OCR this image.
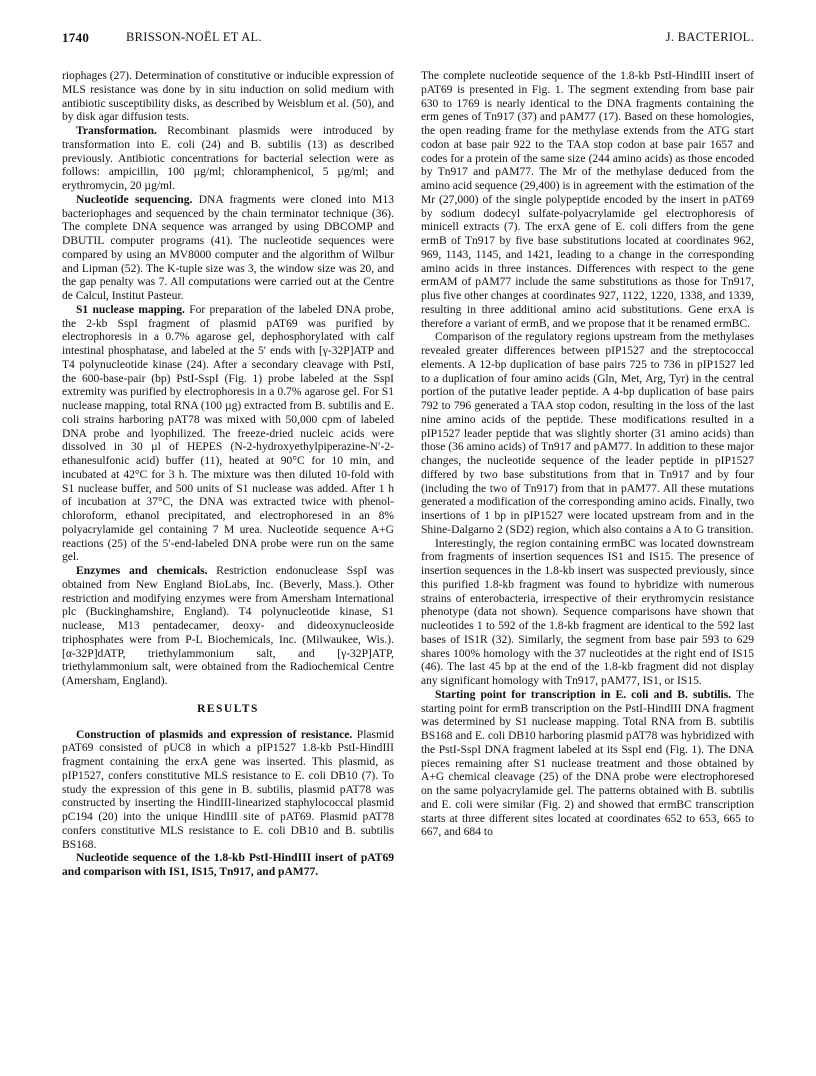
1740	BRISSON-NOËL ET AL.	J. BACTERIOL.

riophages (27). Determination of constitutive or inducible expression of MLS resistance was done by in situ induction on solid medium with antibiotic susceptibility disks, as described by Weisblum et al. (50), and by disk agar diffusion tests.

Transformation. Recombinant plasmids were introduced by transformation into E. coli (24) and B. subtilis (13) as described previously. Antibiotic concentrations for bacterial selection were as follows: ampicillin, 100 µg/ml; chloramphenicol, 5 µg/ml; and erythromycin, 20 µg/ml.

Nucleotide sequencing. DNA fragments were cloned into M13 bacteriophages and sequenced by the chain terminator technique (36). The complete DNA sequence was arranged by using DBCOMP and DBUTIL computer programs (41). The nucleotide sequences were compared by using an MV8000 computer and the algorithm of Wilbur and Lipman (52). The K-tuple size was 3, the window size was 20, and the gap penalty was 7. All computations were carried out at the Centre de Calcul, Institut Pasteur.

S1 nuclease mapping. For preparation of the labeled DNA probe, the 2-kb SspI fragment of plasmid pAT69 was purified by electrophoresis in a 0.7% agarose gel, dephosphorylated with calf intestinal phosphatase, and labeled at the 5′ ends with [γ-32P]ATP and T4 polynucleotide kinase (24). After a secondary cleavage with PstI, the 600-base-pair (bp) PstI-SspI (Fig. 1) probe labeled at the SspI extremity was purified by electrophoresis in a 0.7% agarose gel. For S1 nuclease mapping, total RNA (100 µg) extracted from B. subtilis and E. coli strains harboring pAT78 was mixed with 50,000 cpm of labeled DNA probe and lyophilized. The freeze-dried nucleic acids were dissolved in 30 µl of HEPES (N-2-hydroxyethylpiperazine-N′-2-ethanesulfonic acid) buffer (11), heated at 90°C for 10 min, and incubated at 42°C for 3 h. The mixture was then diluted 10-fold with S1 nuclease buffer, and 500 units of S1 nuclease was added. After 1 h of incubation at 37°C, the DNA was extracted twice with phenol-chloroform, ethanol precipitated, and electrophoresed in an 8% polyacrylamide gel containing 7 M urea. Nucleotide sequence A+G reactions (25) of the 5′-end-labeled DNA probe were run on the same gel.

Enzymes and chemicals. Restriction endonuclease SspI was obtained from New England BioLabs, Inc. (Beverly, Mass.). Other restriction and modifying enzymes were from Amersham International plc (Buckinghamshire, England). T4 polynucleotide kinase, S1 nuclease, M13 pentadecamer, deoxy- and dideoxynucleoside triphosphates were from P-L Biochemicals, Inc. (Milwaukee, Wis.). [α-32P]dATP, triethylammonium salt, and [γ-32P]ATP, triethylammonium salt, were obtained from the Radiochemical Centre (Amersham, England).

RESULTS

Construction of plasmids and expression of resistance. Plasmid pAT69 consisted of pUC8 in which a pIP1527 1.8-kb PstI-HindIII fragment containing the erxA gene was inserted. This plasmid, as pIP1527, confers constitutive MLS resistance to E. coli DB10 (7). To study the expression of this gene in B. subtilis, plasmid pAT78 was constructed by inserting the HindIII-linearized staphylococcal plasmid pC194 (20) into the unique HindIII site of pAT69. Plasmid pAT78 confers constitutive MLS resistance to E. coli DB10 and B. subtilis BS168.

Nucleotide sequence of the 1.8-kb PstI-HindIII insert of pAT69 and comparison with IS1, IS15, Tn917, and pAM77.

The complete nucleotide sequence of the 1.8-kb PstI-HindIII insert of pAT69 is presented in Fig. 1. The segment extending from base pair 630 to 1769 is nearly identical to the DNA fragments containing the erm genes of Tn917 (37) and pAM77 (17). Based on these homologies, the open reading frame for the methylase extends from the ATG start codon at base pair 922 to the TAA stop codon at base pair 1657 and codes for a protein of the same size (244 amino acids) as those encoded by Tn917 and pAM77. The Mr of the methylase deduced from the amino acid sequence (29,400) is in agreement with the estimation of the Mr (27,000) of the single polypeptide encoded by the insert in pAT69 by sodium dodecyl sulfate-polyacrylamide gel electrophoresis of minicell extracts (7). The erxA gene of E. coli differs from the gene ermB of Tn917 by five base substitutions located at coordinates 962, 969, 1143, 1145, and 1421, leading to a change in the corresponding amino acids in three instances. Differences with respect to the gene ermAM of pAM77 include the same substitutions as those for Tn917, plus five other changes at coordinates 927, 1122, 1220, 1338, and 1339, resulting in three additional amino acid substitutions. Gene erxA is therefore a variant of ermB, and we propose that it be renamed ermBC.

Comparison of the regulatory regions upstream from the methylases revealed greater differences between pIP1527 and the streptococcal elements. A 12-bp duplication of base pairs 725 to 736 in pIP1527 led to a duplication of four amino acids (Gln, Met, Arg, Tyr) in the central portion of the putative leader peptide. A 4-bp duplication of base pairs 792 to 796 generated a TAA stop codon, resulting in the loss of the last nine amino acids of the peptide. These modifications resulted in a pIP1527 leader peptide that was slightly shorter (31 amino acids) than those (36 amino acids) of Tn917 and pAM77. In addition to these major changes, the nucleotide sequence of the leader peptide in pIP1527 differed by two base substitutions from that in Tn917 and by four (including the two of Tn917) from that in pAM77. All these mutations generated a modification of the corresponding amino acids. Finally, two insertions of 1 bp in pIP1527 were located upstream from and in the Shine-Dalgarno 2 (SD2) region, which also contains a A to G transition.

Interestingly, the region containing ermBC was located downstream from fragments of insertion sequences IS1 and IS15. The presence of insertion sequences in the 1.8-kb insert was suspected previously, since this purified 1.8-kb fragment was found to hybridize with numerous strains of enterobacteria, irrespective of their erythromycin resistance phenotype (data not shown). Sequence comparisons have shown that nucleotides 1 to 592 of the 1.8-kb fragment are identical to the 592 last bases of IS1R (32). Similarly, the segment from base pair 593 to 629 shares 100% homology with the 37 nucleotides at the right end of IS15 (46). The last 45 bp at the end of the 1.8-kb fragment did not display any significant homology with Tn917, pAM77, IS1, or IS15.

Starting point for transcription in E. coli and B. subtilis. The starting point for ermB transcription on the PstI-HindIII DNA fragment was determined by S1 nuclease mapping. Total RNA from B. subtilis BS168 and E. coli DB10 harboring plasmid pAT78 was hybridized with the PstI-SspI DNA fragment labeled at its SspI end (Fig. 1). The DNA pieces remaining after S1 nuclease treatment and those obtained by A+G chemical cleavage (25) of the DNA probe were electrophoresed on the same polyacrylamide gel. The patterns obtained with B. subtilis and E. coli were similar (Fig. 2) and showed that ermBC transcription starts at three different sites located at coordinates 652 to 653, 665 to 667, and 684 to
